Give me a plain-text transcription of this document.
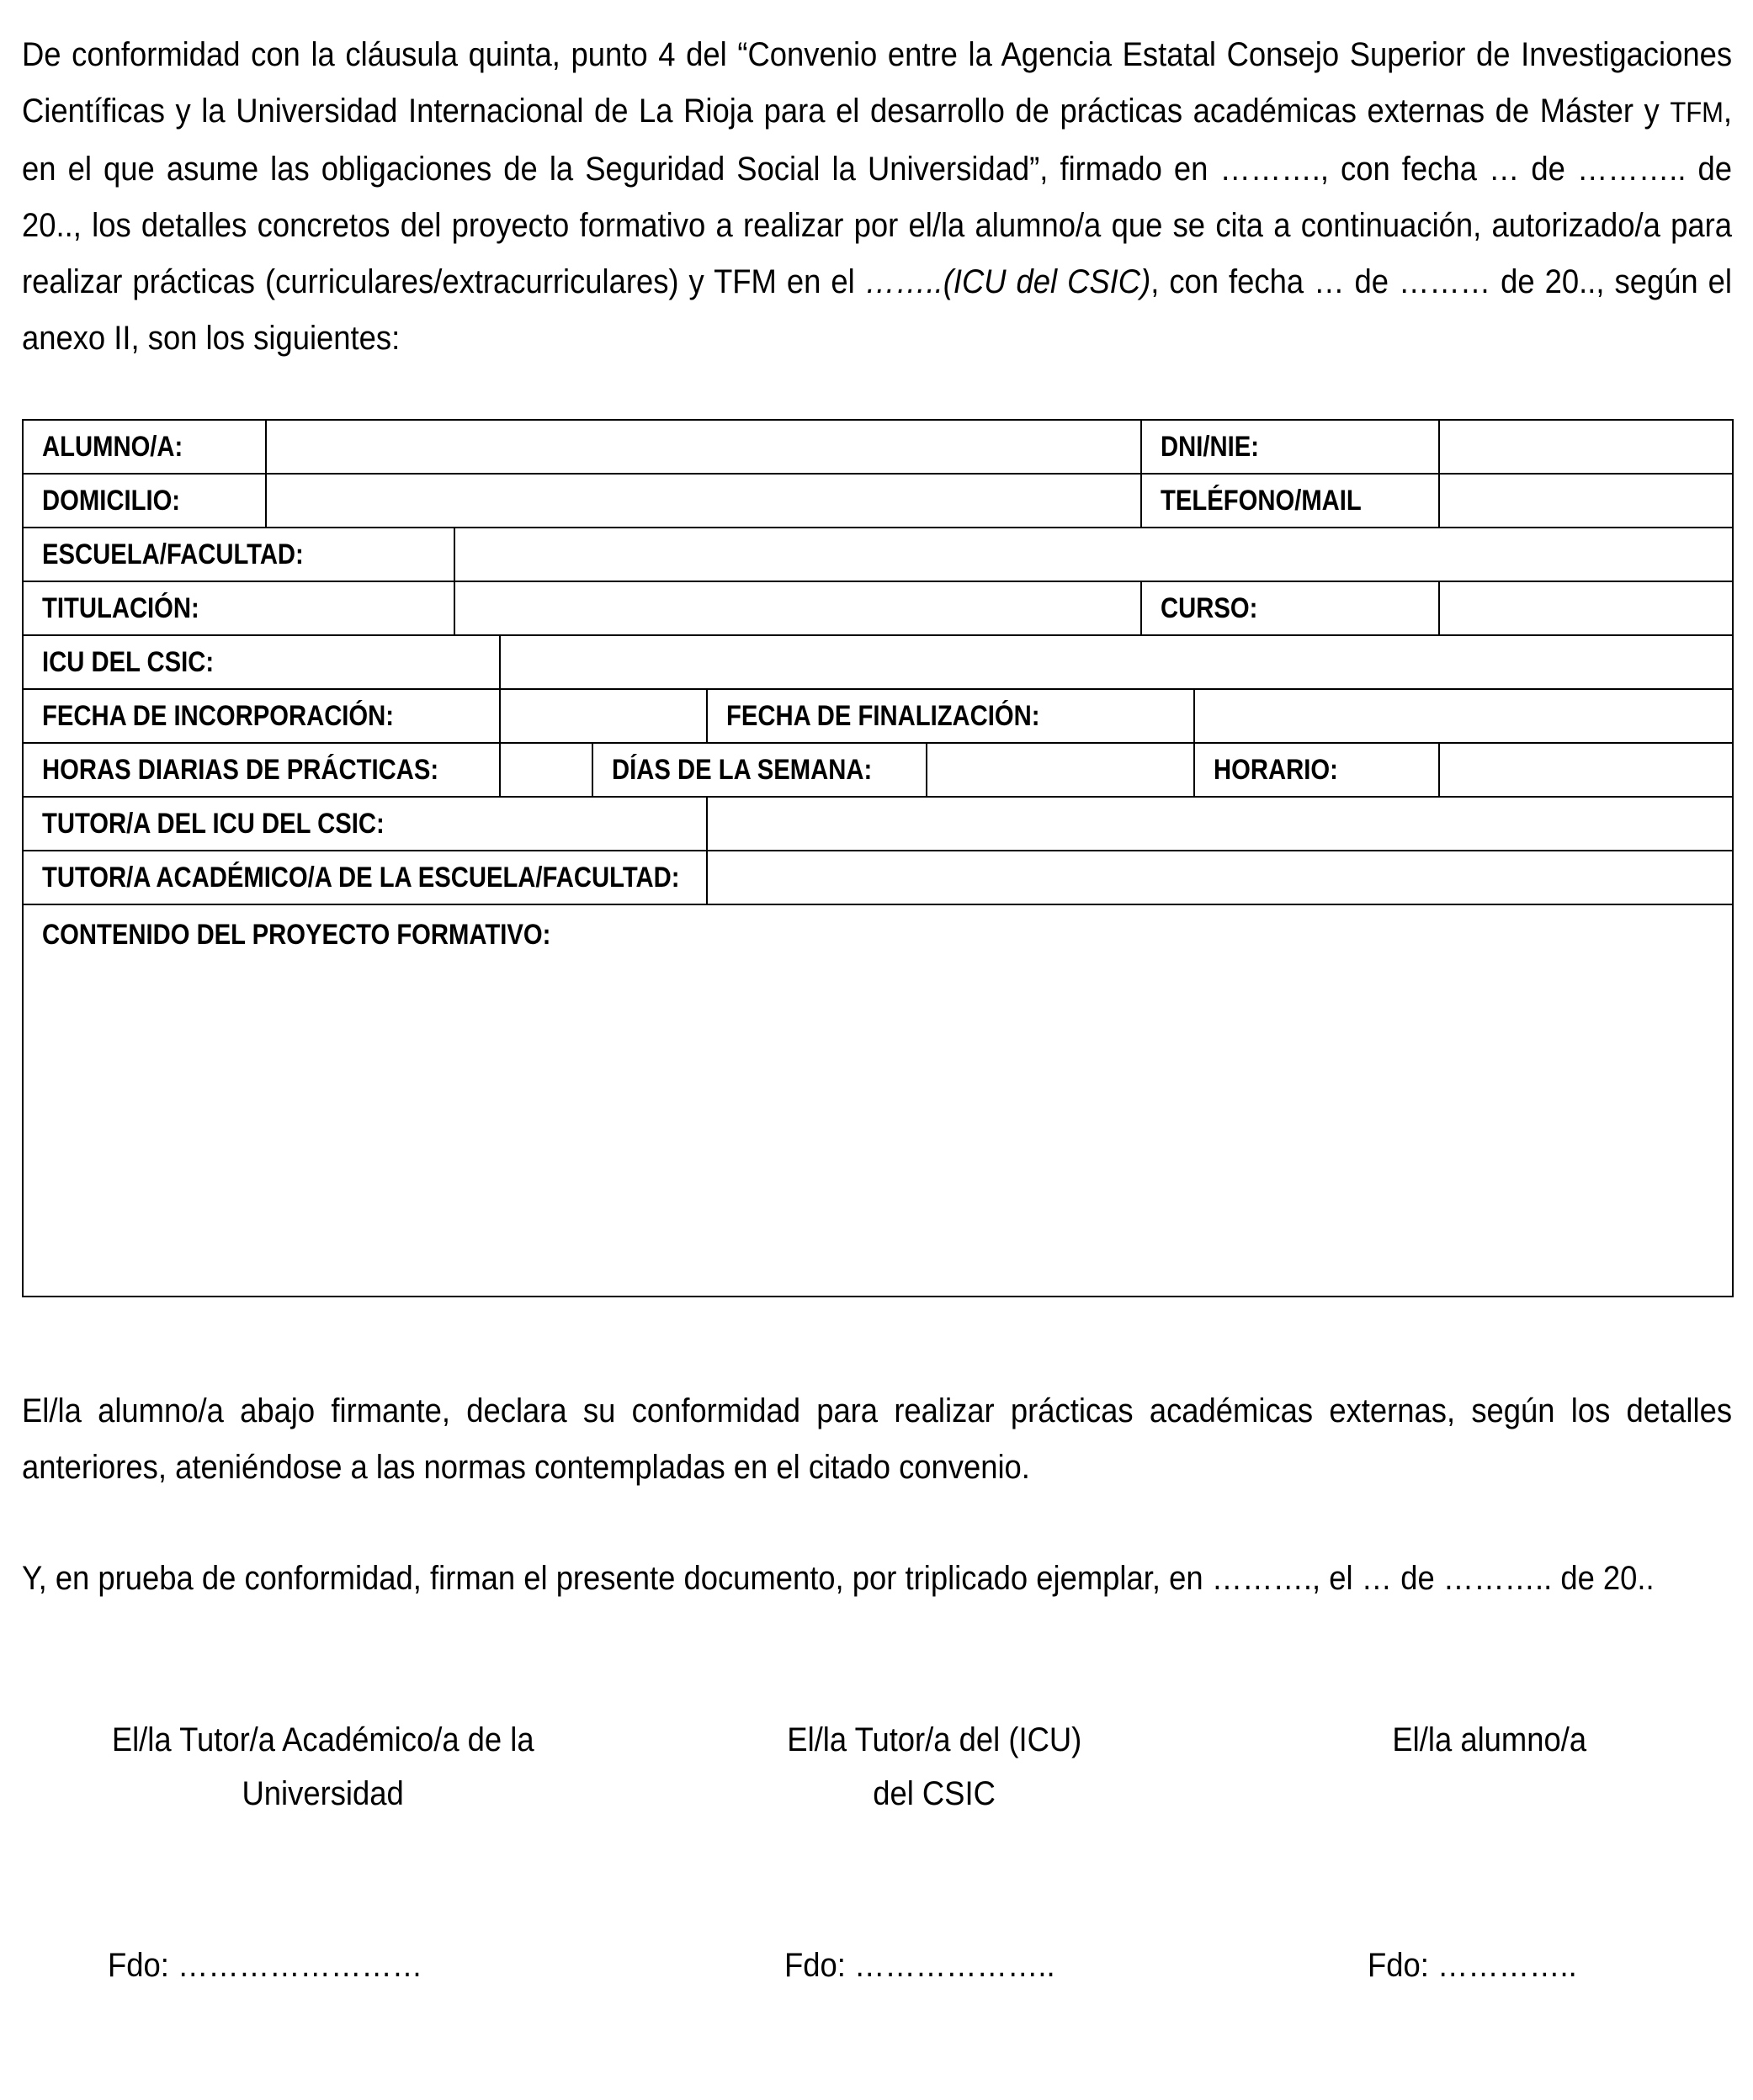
De conformidad con la cláusula quinta, punto 4 del “Convenio entre la Agencia Estatal Consejo Superior de Investigaciones Científicas y la Universidad Internacional de La Rioja para el desarrollo de prácticas académicas externas de Máster y TFM, en el que asume las obligaciones de la Seguridad Social la Universidad”, firmado en ………., con fecha … de ……….. de 20.., los detalles concretos del proyecto formativo a realizar por el/la alumno/a que se cita a continuación, autorizado/a para realizar prácticas (curriculares/extracurriculares) y TFM en el ……..(ICU del CSIC), con fecha … de ……… de 20.., según el anexo II, son los siguientes:

ALUMNO/A:							DNI/NIE:		
DOMICILIO:							TELÉFONO/MAIL		
ESCUELA/FACULTAD:									
TITULACIÓN:							CURSO:		
ICU DEL CSIC:									
FECHA DE INCORPORACIÓN:					FECHA DE FINALIZACIÓN:				
HORAS DIARIAS DE PRÁCTICAS:				DÍAS DE LA SEMANA:				HORARIO:	
TUTOR/A DEL ICU DEL CSIC:									
TUTOR/A ACADÉMICO/A DE LA ESCUELA/FACULTAD:									
CONTENIDO DEL PROYECTO FORMATIVO:									

El/la alumno/a abajo firmante, declara su conformidad para realizar prácticas académicas externas, según los detalles anteriores, ateniéndose a las normas contempladas en el citado convenio.

Y, en prueba de conformidad, firman el presente documento, por triplicado ejemplar, en ………., el … de ……….. de 20..

El/la Tutor/a Académico/a de la
Universidad
El/la Tutor/a del (ICU)
del CSIC
El/la alumno/a
Fdo: ……………………	Fdo: ………………..	Fdo: …………..
